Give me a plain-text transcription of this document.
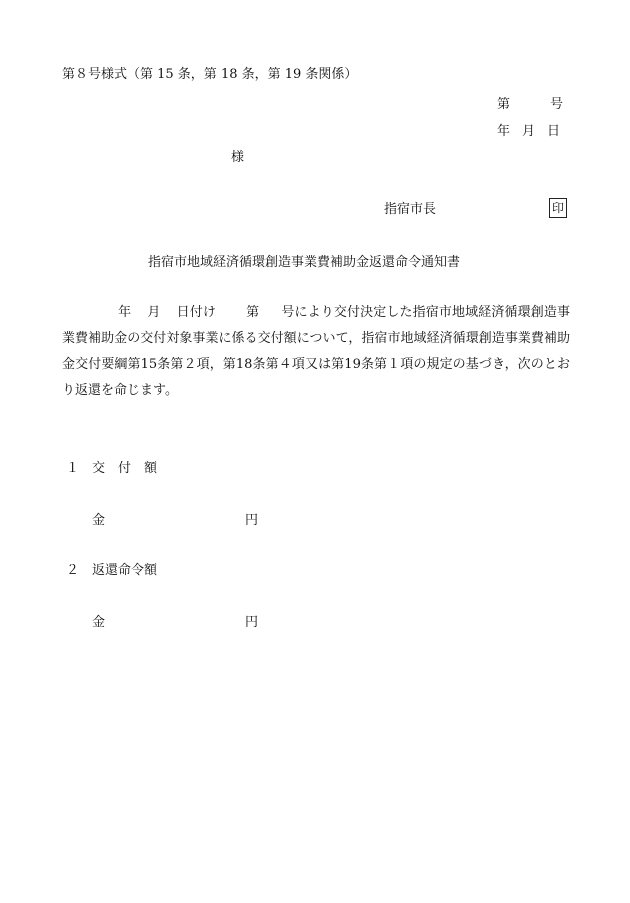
第８号様式（第 15 条，第 18 条，第 19 条関係）
第	号
年 月 日
様
指宿市長	印
指宿市地域経済循環創造事業費補助金返還命令通知書
年 月 日付け 第 号により交付決定した指宿市地域経済循環創造事業費補助金の交付対象事業に係る交付額について，指宿市地域経済循環創造事業費補助金交付要綱第15条第２項，第18条第４項又は第19条第１項の規定の基づき，次のとおり返還を命じます。
１ 交　付　額
金	円
２ 返還命令額
金	円
